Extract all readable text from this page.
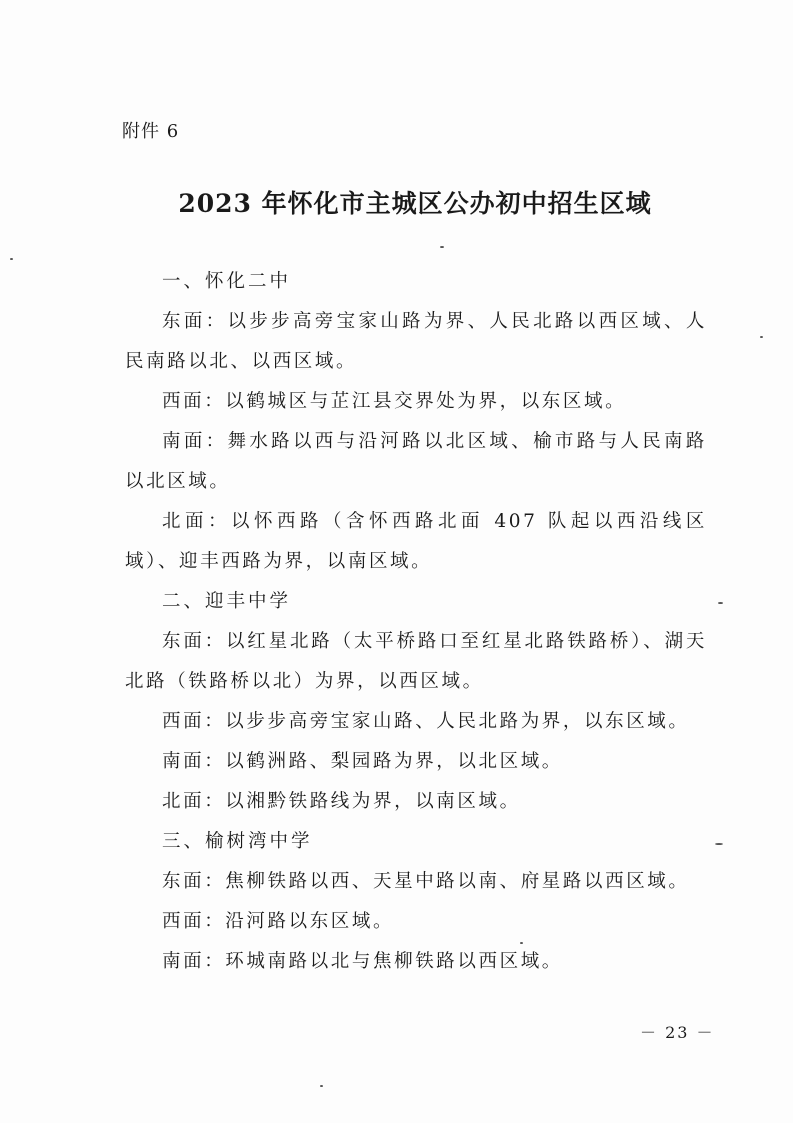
附件 6
2023 年怀化市主城区公办初中招生区域

一、怀化二中

东面：以步步高旁宝家山路为界、人民北路以西区域、人民南路以北、以西区域。

西面：以鹤城区与芷江县交界处为界，以东区域。

南面：舞水路以西与沿河路以北区域、榆市路与人民南路以北区域。

北面：以怀西路（含怀西路北面 407 队起以西沿线区域）、迎丰西路为界，以南区域。

二、迎丰中学

东面：以红星北路（太平桥路口至红星北路铁路桥）、湖天北路（铁路桥以北）为界，以西区域。

西面：以步步高旁宝家山路、人民北路为界，以东区域。

南面：以鹤洲路、梨园路为界，以北区域。

北面：以湘黔铁路线为界，以南区域。

三、榆树湾中学

东面：焦柳铁路以西、天星中路以南、府星路以西区域。

西面：沿河路以东区域。

南面：环城南路以北与焦柳铁路以西区域。

－ 23 －
